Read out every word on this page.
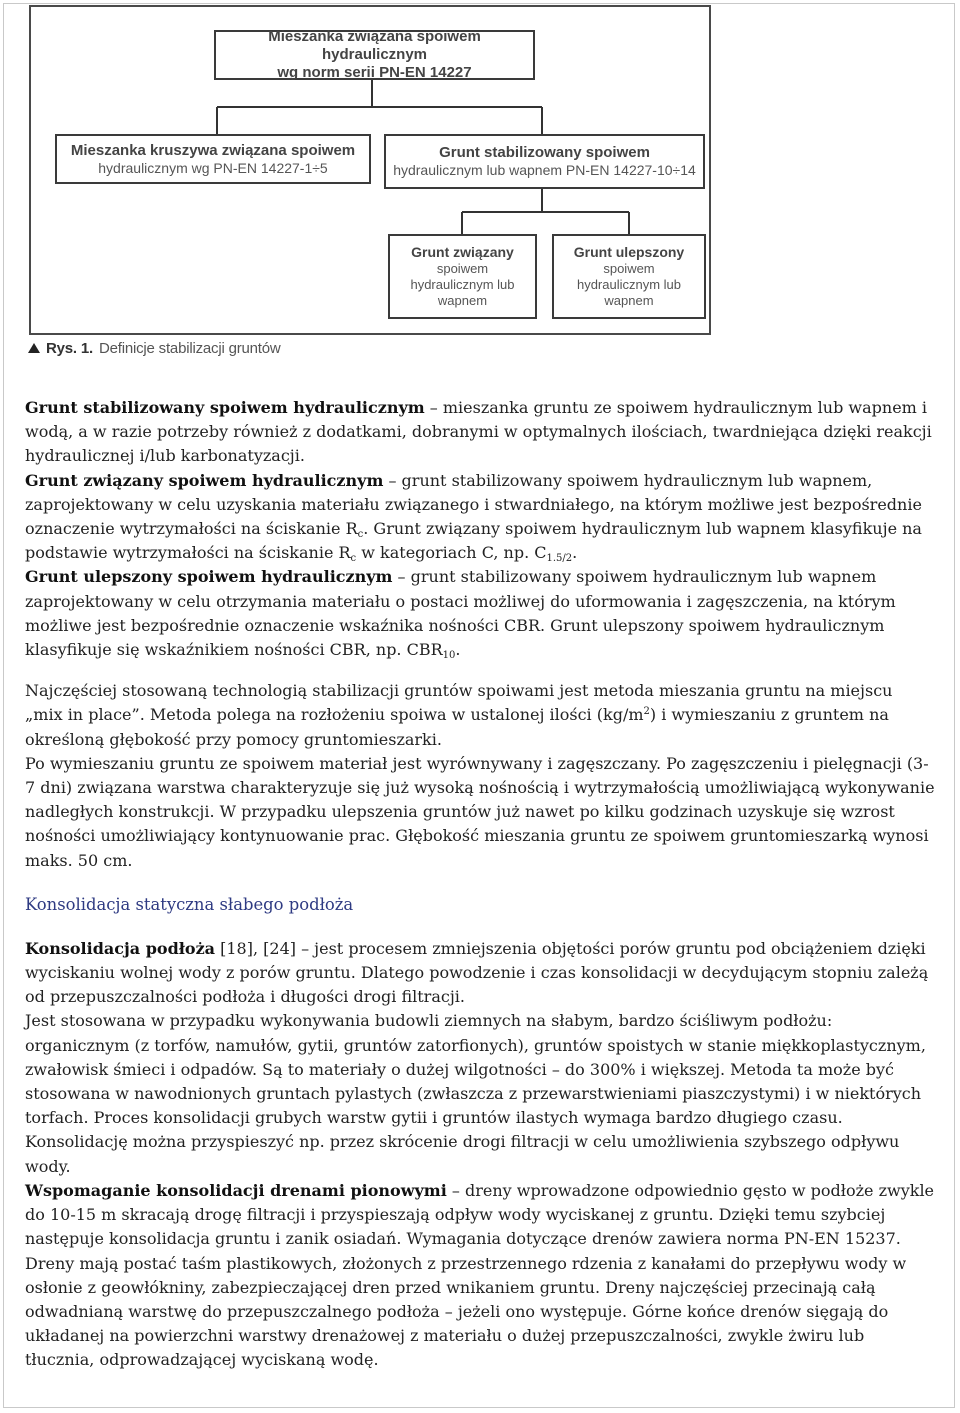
Mieszanka związana spoiwem hydraulicznym
wg norm serii PN-EN 14227
Mieszanka kruszywa związana spoiwem
hydraulicznym wg PN-EN 14227-1÷5
Grunt stabilizowany spoiwem
hydraulicznym lub wapnem PN-EN 14227-10÷14
Grunt związany
spoiwem
hydraulicznym lub
wapnem
Grunt ulepszony
spoiwem
hydraulicznym lub
wapnem
Rys. 1. Definicje stabilizacji gruntów

Grunt stabilizowany spoiwem hydraulicznym – mieszanka gruntu ze spoiwem hydraulicznym lub wapnem i wodą, a w razie potrzeby również z dodatkami, dobranymi w optymalnych ilościach, twardniejąca dzięki reakcji hydraulicznej i/lub karbonatyzacji.

Grunt związany spoiwem hydraulicznym – grunt stabilizowany spoiwem hydraulicznym lub wapnem, zaprojektowany w celu uzyskania materiału związanego i stwardniałego, na którym możliwe jest bezpośrednie oznaczenie wytrzymałości na ściskanie $R_c$. Grunt związany spoiwem hydraulicznym lub wapnem klasyfikuje na podstawie wytrzymałości na ściskanie $R_c$ w kategoriach C, np. $C_{1.5/2}$.

Grunt ulepszony spoiwem hydraulicznym – grunt stabilizowany spoiwem hydraulicznym lub wapnem zaprojektowany w celu otrzymania materiału o postaci możliwej do uformowania i zagęszczenia, na którym możliwe jest bezpośrednie oznaczenie wskaźnika nośności CBR. Grunt ulepszony spoiwem hydraulicznym klasyfikuje się wskaźnikiem nośności CBR, np. $CBR_{10}$.

Najczęściej stosowaną technologią stabilizacji gruntów spoiwami jest metoda mieszania gruntu na miejscu „mix in place”. Metoda polega na rozłożeniu spoiwa w ustalonej ilości $(kg/m^2)$ i wymieszaniu z gruntem na określoną głębokość przy pomocy gruntomieszarki.

Po wymieszaniu gruntu ze spoiwem materiał jest wyrównywany i zagęszczany. Po zagęszczeniu i pielęgnacji (3-7 dni) związana warstwa charakteryzuje się już wysoką nośnością i wytrzymałością umożliwiającą wykonywanie nadległych konstrukcji. W przypadku ulepszenia gruntów już nawet po kilku godzinach uzyskuje się wzrost nośności umożliwiający kontynuowanie prac. Głębokość mieszania gruntu ze spoiwem gruntomieszarką wynosi maks. 50 cm.

Konsolidacja statyczna słabego podłoża

Konsolidacja podłoża [18], [24] – jest procesem zmniejszenia objętości porów gruntu pod obciążeniem dzięki wyciskaniu wolnej wody z porów gruntu. Dlatego powodzenie i czas konsolidacji w decydującym stopniu zależą od przepuszczalności podłoża i długości drogi filtracji.

Jest stosowana w przypadku wykonywania budowli ziemnych na słabym, bardzo ściśliwym podłożu: organicznym (z torfów, namułów, gytii, gruntów zatorfionych), gruntów spoistych w stanie miękkoplastycznym, zwałowisk śmieci i odpadów. Są to materiały o dużej wilgotności – do 300% i większej. Metoda ta może być stosowana w nawodnionych gruntach pylastych (zwłaszcza z przewarstwieniami piaszczystymi) i w niektórych torfach. Proces konsolidacji grubych warstw gytii i gruntów ilastych wymaga bardzo długiego czasu. Konsolidację można przyspieszyć np. przez skrócenie drogi filtracji w celu umożliwienia szybszego odpływu wody.

Wspomaganie konsolidacji drenami pionowymi – dreny wprowadzone odpowiednio gęsto w podłoże zwykle do 10-15 m skracają drogę filtracji i przyspieszają odpływ wody wyciskanej z gruntu. Dzięki temu szybciej następuje konsolidacja gruntu i zanik osiadań. Wymagania dotyczące drenów zawiera norma PN-EN 15237.

Dreny mają postać taśm plastikowych, złożonych z przestrzennego rdzenia z kanałami do przepływu wody w osłonie z geowłókniny, zabezpieczającej dren przed wnikaniem gruntu. Dreny najczęściej przecinają całą odwadnianą warstwę do przepuszczalnego podłoża – jeżeli ono występuje. Górne końce drenów sięgają do układanej na powierzchni warstwy drenażowej z materiału o dużej przepuszczalności, zwykle żwiru lub tłucznia, odprowadzającej wyciskaną wodę.
